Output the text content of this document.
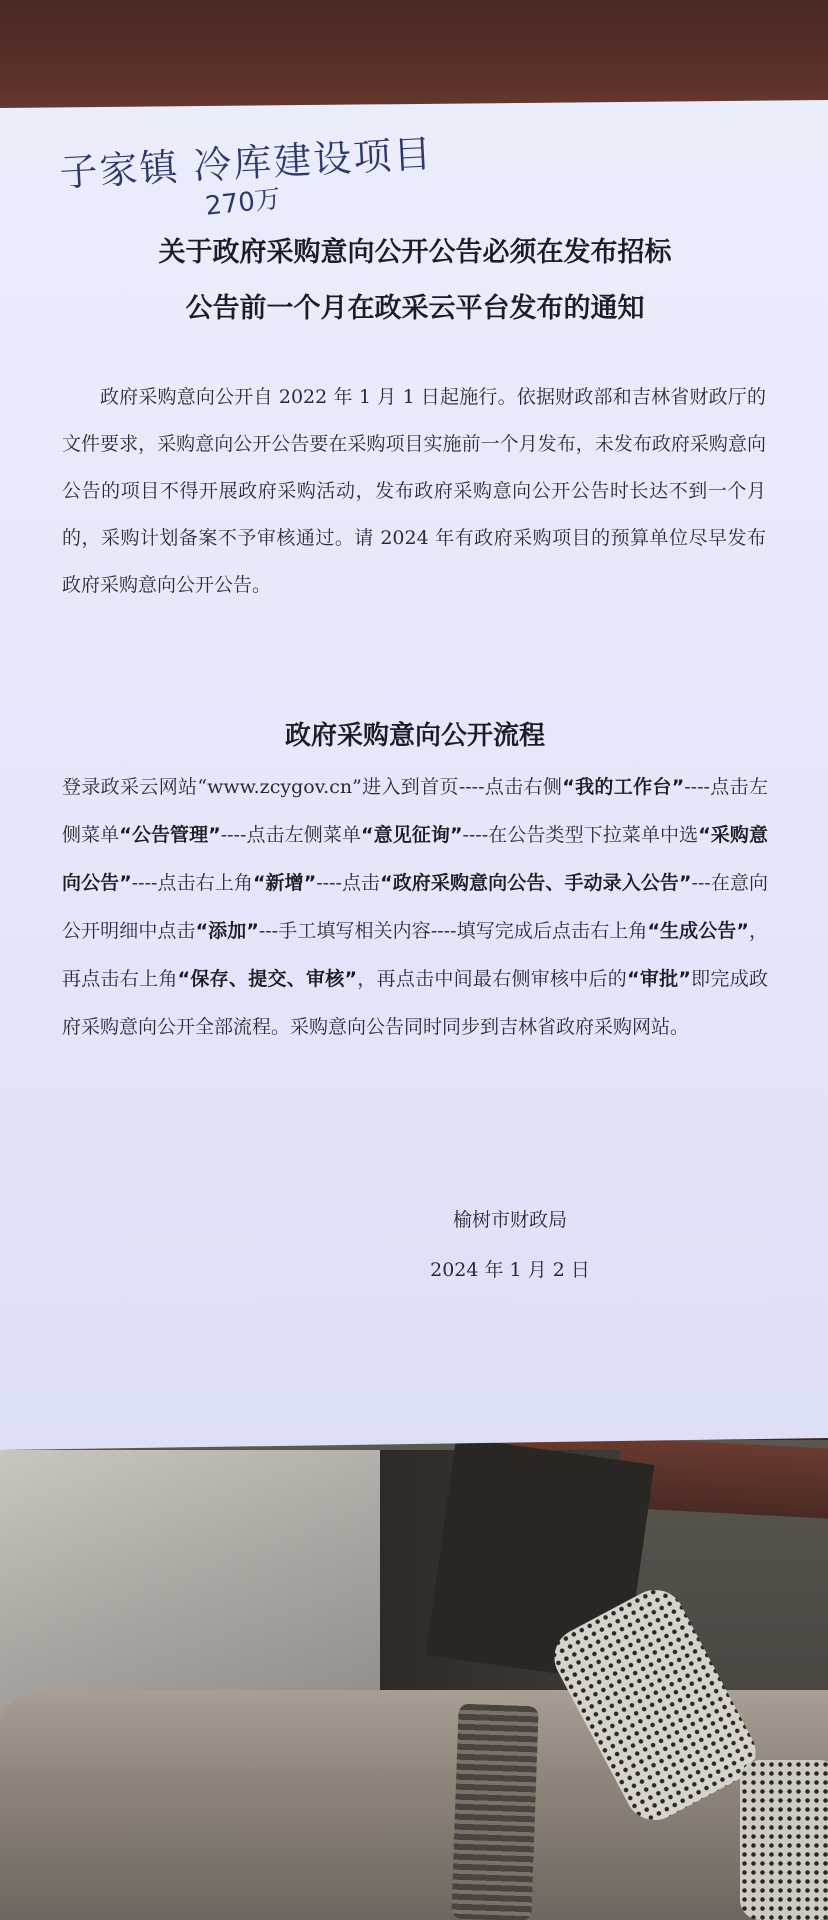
子家镇 冷库建设项目
270万
关于政府采购意向公开公告必须在发布招标
公告前一个月在政采云平台发布的通知
政府采购意向公开自 2022 年 1 月 1 日起施行。依据财政部和吉林省财政厅的文件要求，采购意向公开公告要在采购项目实施前一个月发布，未发布政府采购意向公告的项目不得开展政府采购活动，发布政府采购意向公开公告时长达不到一个月的，采购计划备案不予审核通过。请 2024 年有政府采购项目的预算单位尽早发布政府采购意向公开公告。
政府采购意向公开流程
登录政采云网站“www.zcygov.cn”进入到首页----点击右侧“我的工作台”----点击左侧菜单“公告管理”----点击左侧菜单“意见征询”----在公告类型下拉菜单中选“采购意向公告”----点击右上角“新增”----点击“政府采购意向公告、手动录入公告”---在意向公开明细中点击“添加”---手工填写相关内容----填写完成后点击右上角“生成公告”，再点击右上角“保存、提交、审核”，再点击中间最右侧审核中后的“审批”即完成政府采购意向公开全部流程。采购意向公告同时同步到吉林省政府采购网站。
榆树市财政局
2024 年 1 月 2 日
